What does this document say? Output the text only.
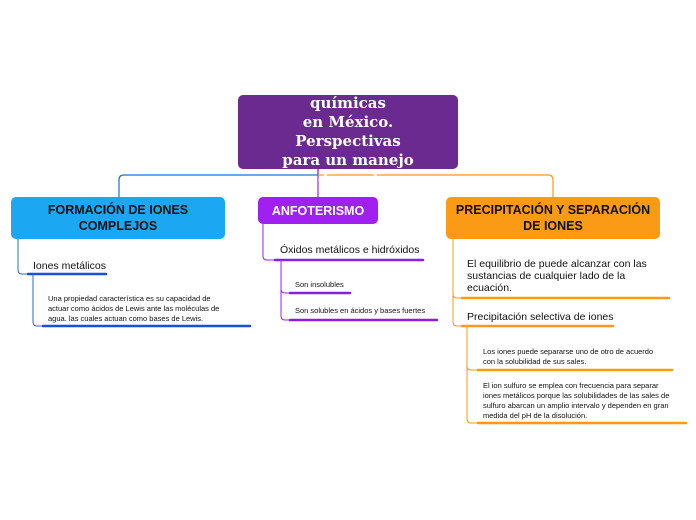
Las sustancias químicas
en México. Perspectivas
para un manejo adecuado
FORMACIÓN DE IONES
COMPLEJOS
ANFOTERISMO	PRECIPITACIÓN Y SEPARACIÓN
DE IONES
Iones metálicos
Una propiedad característica es su capacidad de
actuar como ácidos de Lewis ante las moléculas de
agua. las cuales actuan como bases de Lewis.
Óxidos metálicos e hidróxidos
Son insolubles
Son solubles en ácidos y bases fuertes
El equilibrio de puede alcanzar con las
sustancias de cualquier lado de la
ecuación.
Precipitación selectiva de iones
Los iones puede separarse uno de otro de acuerdo
con la solubilidad de sus sales.
El ion sulfuro se emplea con frecuencia para separar
iones metálicos porque las solubilidades de las sales de
sulfuro abarcan un amplio intervalo y dependen en gran
medida del pH de la disolución.
